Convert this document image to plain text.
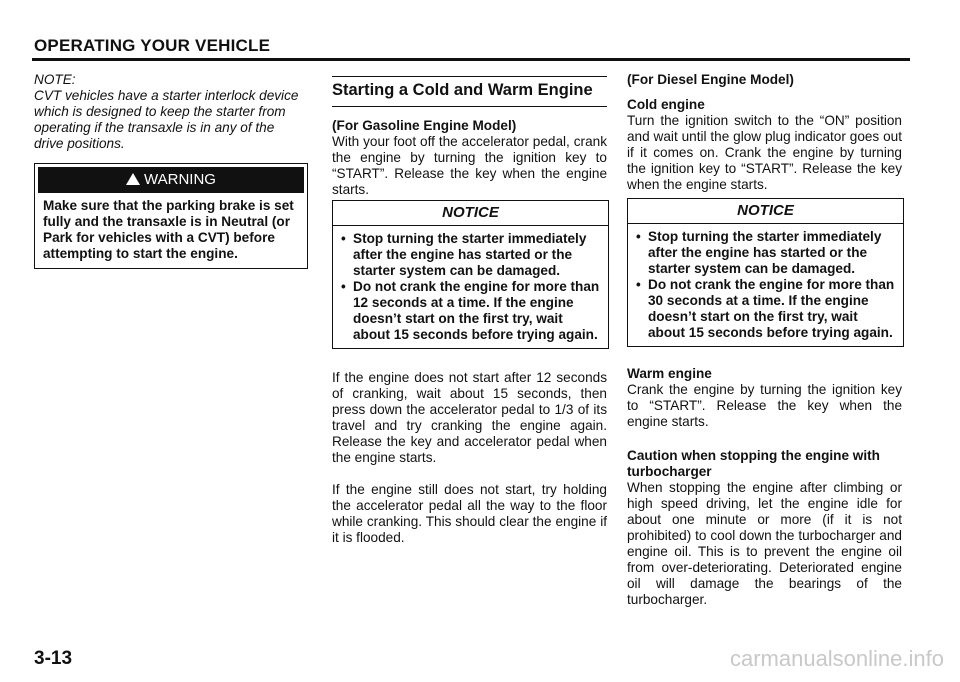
OPERATING YOUR VEHICLE
NOTE:
CVT vehicles have a starter interlock device which is designed to keep the starter from operating if the transaxle is in any of the drive positions.
WARNING
Make sure that the parking brake is set fully and the transaxle is in Neutral (or Park for vehicles with a CVT) before attempting to start the engine.
Starting a Cold and Warm Engine

(For Gasoline Engine Model)

With your foot off the accelerator pedal, crank the engine by turning the ignition key to “START”. Release the key when the engine starts.

NOTICE
• Stop turning the starter immediately after the engine has started or the starter system can be damaged.
• Do not crank the engine for more than 12 seconds at a time. If the engine doesn’t start on the first try, wait about 15 seconds before trying again.

If the engine does not start after 12 seconds of cranking, wait about 15 seconds, then press down the accelerator pedal to 1/3 of its travel and try cranking the engine again. Release the key and accelerator pedal when the engine starts.

If the engine still does not start, try holding the accelerator pedal all the way to the floor while cranking. This should clear the engine if it is flooded.

(For Diesel Engine Model)

Cold engine

Turn the ignition switch to the “ON” position and wait until the glow plug indicator goes out if it comes on. Crank the engine by turning the ignition key to “START”. Release the key when the engine starts.

NOTICE
• Stop turning the starter immediately after the engine has started or the starter system can be damaged.
• Do not crank the engine for more than 30 seconds at a time. If the engine doesn’t start on the first try, wait about 15 seconds before trying again.

Warm engine

Crank the engine by turning the ignition key to “START”. Release the key when the engine starts.

Caution when stopping the engine with turbocharger

When stopping the engine after climbing or high speed driving, let the engine idle for about one minute or more (if it is not prohibited) to cool down the turbocharger and engine oil. This is to prevent the engine oil from over-deteriorating. Deteriorated engine oil will damage the bearings of the turbocharger.

3-13	carmanualsonline.info
